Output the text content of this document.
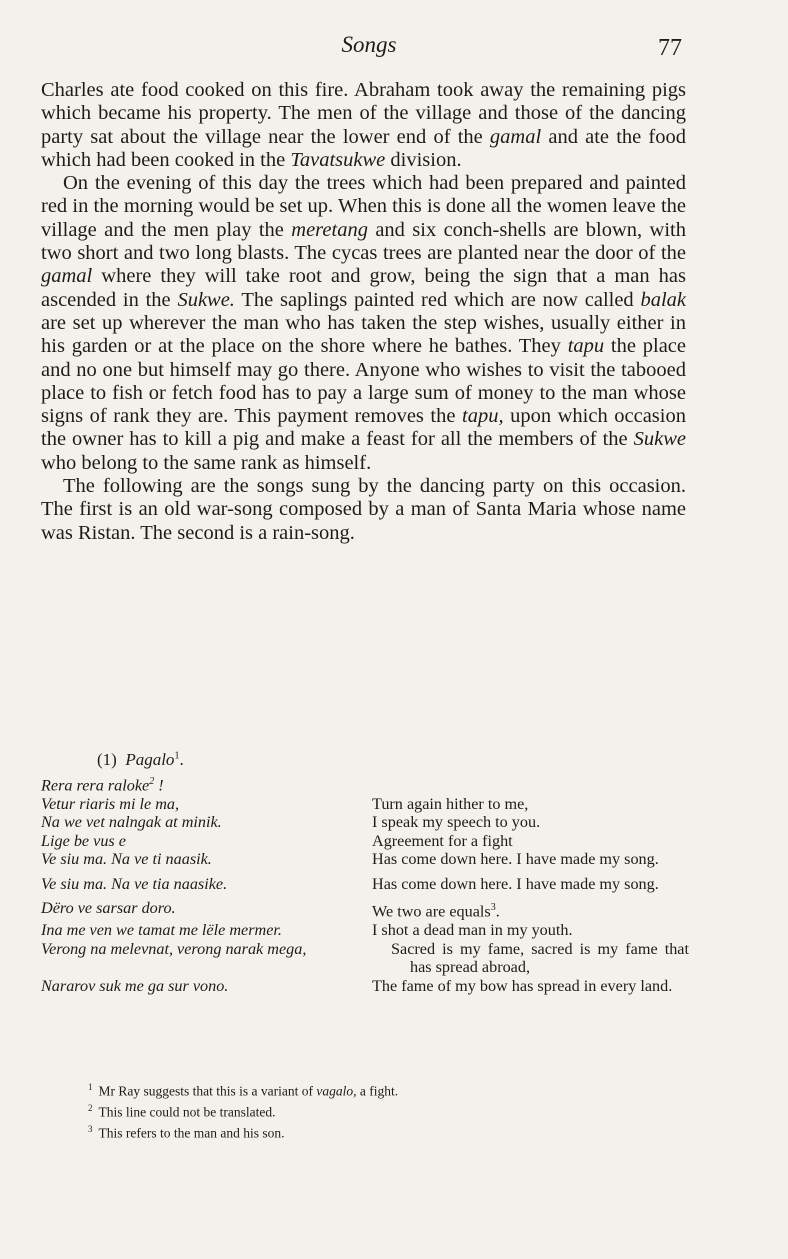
Songs	77

Charles ate food cooked on this fire. Abraham took away the remaining pigs which became his property. The men of the village and those of the dancing party sat about the village near the lower end of the gamal and ate the food which had been cooked in the Tavatsukwe division.

On the evening of this day the trees which had been prepared and painted red in the morning would be set up. When this is done all the women leave the village and the men play the meretang and six conch-shells are blown, with two short and two long blasts. The cycas trees are planted near the door of the gamal where they will take root and grow, being the sign that a man has ascended in the Sukwe. The saplings painted red which are now called balak are set up wherever the man who has taken the step wishes, usually either in his garden or at the place on the shore where he bathes. They tapu the place and no one but himself may go there. Anyone who wishes to visit the tabooed place to fish or fetch food has to pay a large sum of money to the man whose signs of rank they are. This payment removes the tapu, upon which occasion the owner has to kill a pig and make a feast for all the members of the Sukwe who belong to the same rank as himself.

The following are the songs sung by the dancing party on this occasion. The first is an old war-song composed by a man of Santa Maria whose name was Ristan. The second is a rain-song.

(1) Pagalo$^1$.
Rera rera raloke$^2$ !
Vetur riaris mi le ma,	Turn again hither to me,
Na we vet nalngak at minik.	I speak my speech to you.
Lige be vus e	Agreement for a fight
Ve siu ma. Na ve ti naasik.	Has come down here. I have made my song.
Ve siu ma. Na ve tia naasike.	Has come down here. I have made my song.
Dëro ve sarsar doro.	We two are equals$^3$.
Ina me ven we tamat me lële mermer.	I shot a dead man in my youth.
Verong na melevnat, verong narak mega,	Sacred is my fame, sacred is my fame that has spread abroad,
Nararov suk me ga sur vono.	The fame of my bow has spread in every land.
$^1$ Mr Ray suggests that this is a variant of vagalo, a fight.
$^2$ This line could not be translated.
$^3$ This refers to the man and his son.
